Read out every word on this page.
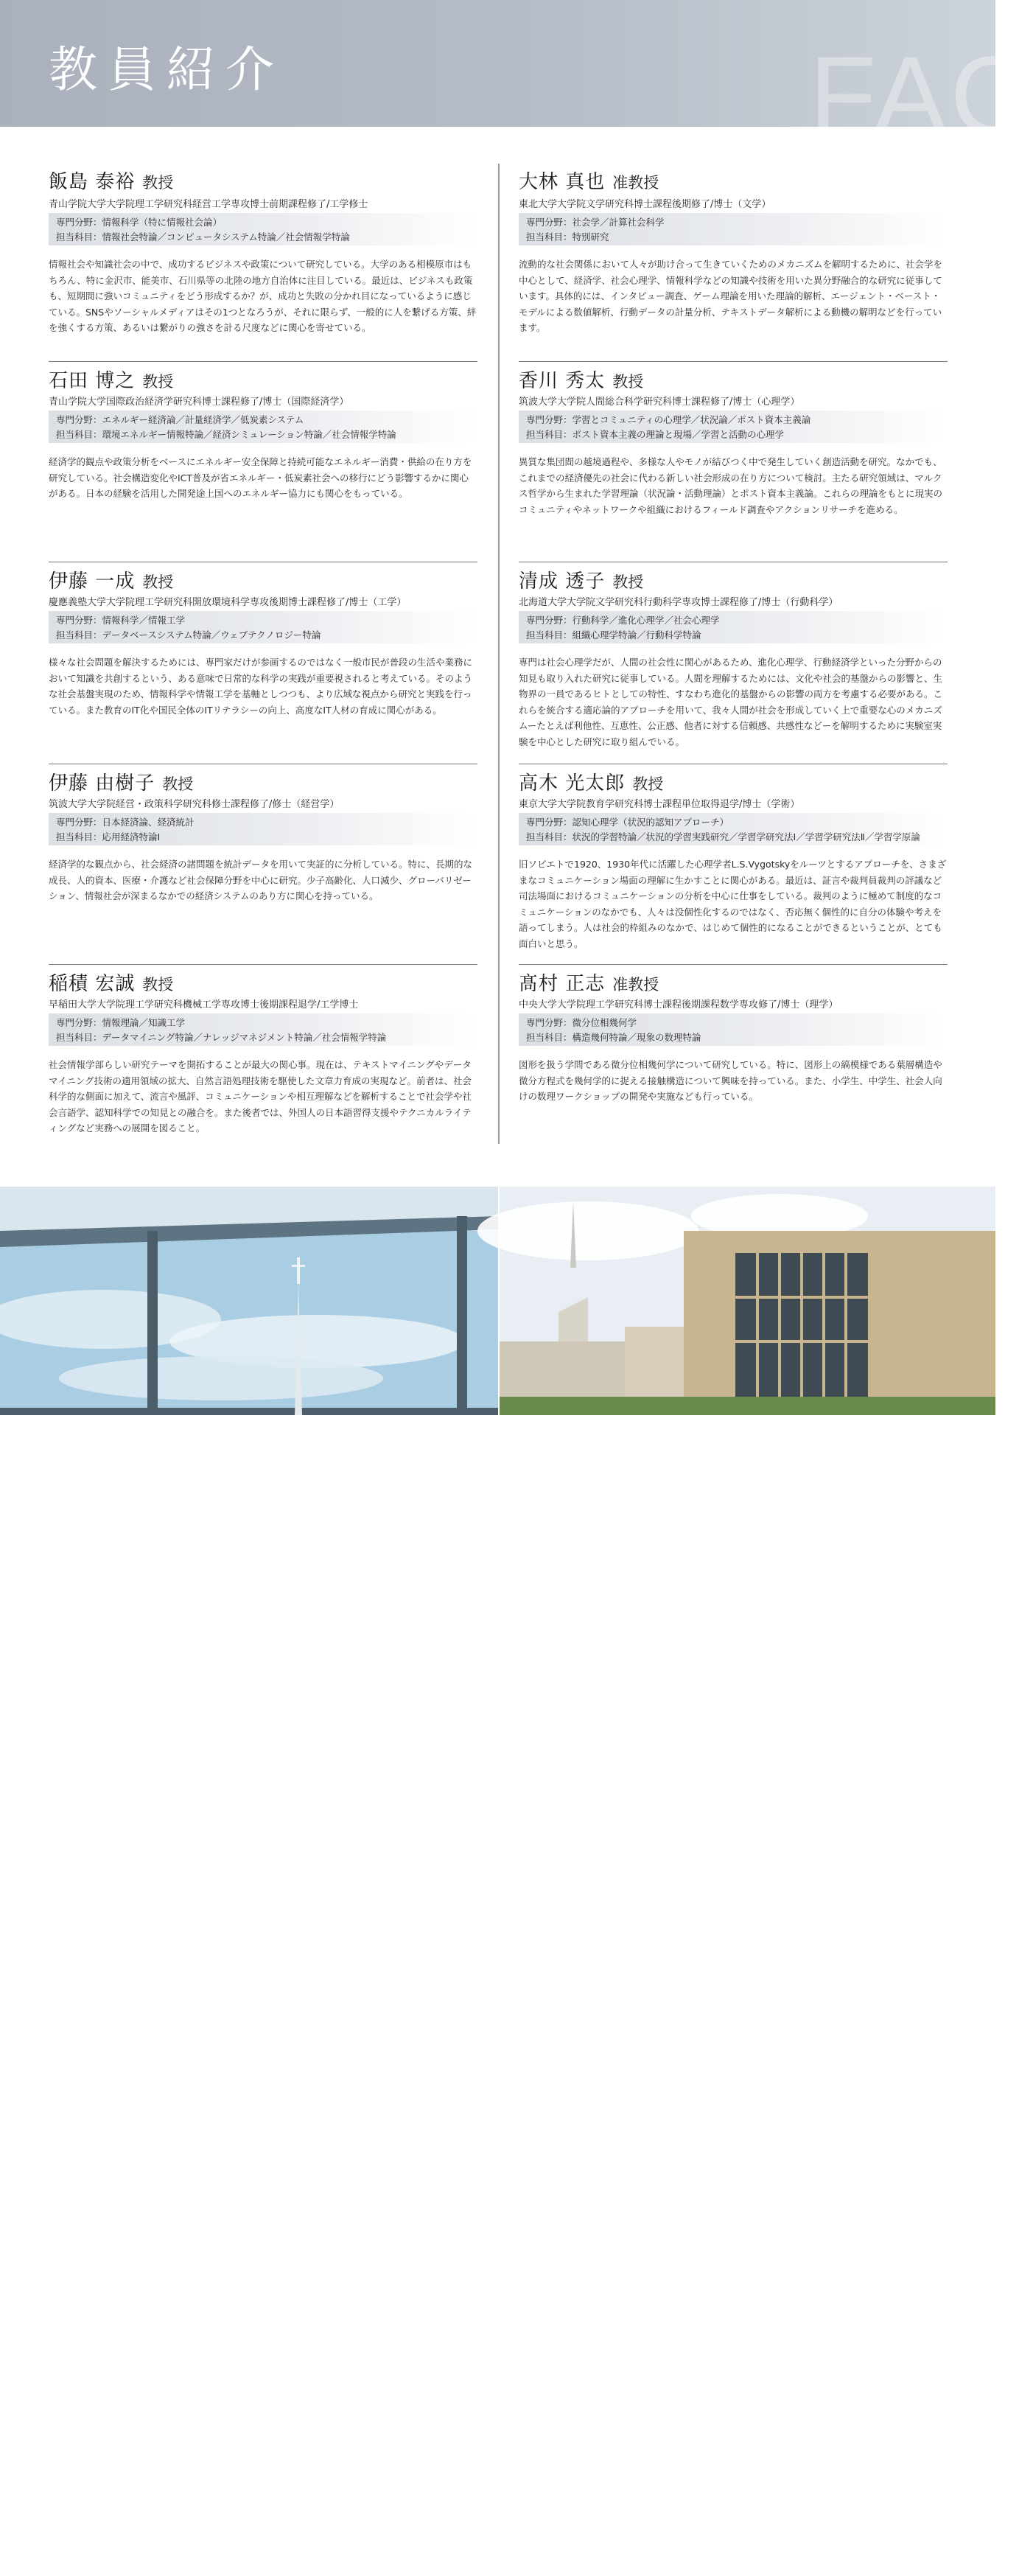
教員紹介	FAC
飯島 泰裕 教授
青山学院大学大学院理工学研究科経営工学専攻博士前期課程修了/工学修士
専門分野：情報科学（特に情報社会論）
担当科目：情報社会特論／コンピュータシステム特論／社会情報学特論
情報社会や知識社会の中で、成功するビジネスや政策について研究している。大学のある相模原市はもちろん、特に金沢市、能美市、石川県等の北陸の地方自治体に注目している。最近は、ビジネスも政策も、短期間に強いコミュニティをどう形成するか？が、成功と失敗の分かれ目になっているように感じている。SNSやソーシャルメディアはその1つとなろうが、それに限らず、一般的に人を繋げる方策、絆を強くする方策、あるいは繋がりの強さを計る尺度などに関心を寄せている。
石田 博之 教授
青山学院大学国際政治経済学研究科博士課程修了/博士（国際経済学）
専門分野：エネルギー経済論／計量経済学／低炭素システム
担当科目：環境エネルギー情報特論／経済シミュレーション特論／社会情報学特論
経済学的観点や政策分析をベースにエネルギー安全保障と持続可能なエネルギー消費・供給の在り方を研究している。社会構造変化やICT普及が省エネルギー・低炭素社会への移行にどう影響するかに関心がある。日本の経験を活用した開発途上国へのエネルギー協力にも関心をもっている。
伊藤 一成 教授
慶應義塾大学大学院理工学研究科開放環境科学専攻後期博士課程修了/博士（工学）
専門分野：情報科学／情報工学
担当科目：データベースシステム特論／ウェブテクノロジー特論
様々な社会問題を解決するためには、専門家だけが参画するのではなく一般市民が普段の生活や業務において知識を共創するという、ある意味で日常的な科学の実践が重要視されると考えている。そのような社会基盤実現のため、情報科学や情報工学を基軸としつつも、より広域な視点から研究と実践を行っている。また教育のIT化や国民全体のITリテラシーの向上、高度なIT人材の育成に関心がある。
伊藤 由樹子 教授
筑波大学大学院経営・政策科学研究科修士課程修了/修士（経営学）
専門分野：日本経済論、経済統計
担当科目：応用経済特論I
経済学的な観点から、社会経済の諸問題を統計データを用いて実証的に分析している。特に、長期的な成長、人的資本、医療・介護など社会保障分野を中心に研究。少子高齢化、人口減少、グローバリゼーション、情報社会が深まるなかでの経済システムのあり方に関心を持っている。
稲積 宏誠 教授
早稲田大学大学院理工学研究科機械工学専攻博士後期課程退学/工学博士
専門分野：情報理論／知識工学
担当科目：データマイニング特論／ナレッジマネジメント特論／社会情報学特論
社会情報学部らしい研究テーマを開拓することが最大の関心事。現在は、テキストマイニングやデータマイニング技術の適用領域の拡大、自然言語処理技術を駆使した文章力育成の実現など。前者は、社会科学的な側面に加えて、流言や風評、コミュニケーションや相互理解などを解析することで社会学や社会言語学、認知科学での知見との融合を。また後者では、外国人の日本語習得支援やテクニカルライティングなど実務への展開を図ること。
大林 真也 准教授
東北大学大学院文学研究科博士課程後期修了/博士（文学）
専門分野：社会学／計算社会科学
担当科目：特別研究
流動的な社会関係において人々が助け合って生きていくためのメカニズムを解明するために、社会学を中心として、経済学、社会心理学、情報科学などの知識や技術を用いた異分野融合的な研究に従事しています。具体的には、インタビュー調査、ゲーム理論を用いた理論的解析、エージェント・ベースト・モデルによる数値解析、行動データの計量分析、テキストデータ解析による動機の解明などを行っています。
香川 秀太 教授
筑波大学大学院人間総合科学研究科博士課程修了/博士（心理学）
専門分野：学習とコミュニティの心理学／状況論／ポスト資本主義論
担当科目：ポスト資本主義の理論と現場／学習と活動の心理学
異質な集団間の越境過程や、多様な人やモノが結びつく中で発生していく創造活動を研究。なかでも、これまでの経済優先の社会に代わる新しい社会形成の在り方について検討。主たる研究領域は、マルクス哲学から生まれた学習理論（状況論・活動理論）とポスト資本主義論。これらの理論をもとに現実のコミュニティやネットワークや組織におけるフィールド調査やアクションリサーチを進める。
清成 透子 教授
北海道大学大学院文学研究科行動科学専攻博士課程修了/博士（行動科学）
専門分野：行動科学／進化心理学／社会心理学
担当科目：組織心理学特論／行動科学特論
専門は社会心理学だが、人間の社会性に関心があるため、進化心理学、行動経済学といった分野からの知見も取り入れた研究に従事している。人間を理解するためには、文化や社会的基盤からの影響と、生物界の一員であるヒトとしての特性、すなわち進化的基盤からの影響の両方を考慮する必要がある。これらを統合する適応論的アプローチを用いて、我々人間が社会を形成していく上で重要な心のメカニズムーたとえば利他性、互恵性、公正感、他者に対する信頼感、共感性などーを解明するために実験室実験を中心とした研究に取り組んでいる。
高木 光太郎 教授
東京大学大学院教育学研究科博士課程単位取得退学/博士（学術）
専門分野：認知心理学（状況的認知アプローチ）
担当科目：状況的学習特論／状況的学習実践研究／学習学研究法Ⅰ／学習学研究法Ⅱ／学習学原論
旧ソビエトで1920、1930年代に活躍した心理学者L.S.Vygotskyをルーツとするアプローチを、さまざまなコミュニケーション場面の理解に生かすことに関心がある。最近は、証言や裁判員裁判の評議など司法場面におけるコミュニケーションの分析を中心に仕事をしている。裁判のように極めて制度的なコミュニケーションのなかでも、人々は没個性化するのではなく、否応無く個性的に自分の体験や考えを語ってしまう。人は社会的枠組みのなかで、はじめて個性的になることができるということが、とても面白いと思う。
髙村 正志 准教授
中央大学大学院理工学研究科博士課程後期課程数学専攻修了/博士（理学）
専門分野：微分位相幾何学
担当科目：構造幾何特論／現象の数理特論
図形を扱う学問である微分位相幾何学について研究している。特に、図形上の縞模様である葉層構造や微分方程式を幾何学的に捉える接触構造について興味を持っている。また、小学生、中学生、社会人向けの数理ワークショップの開発や実施なども行っている。
09
